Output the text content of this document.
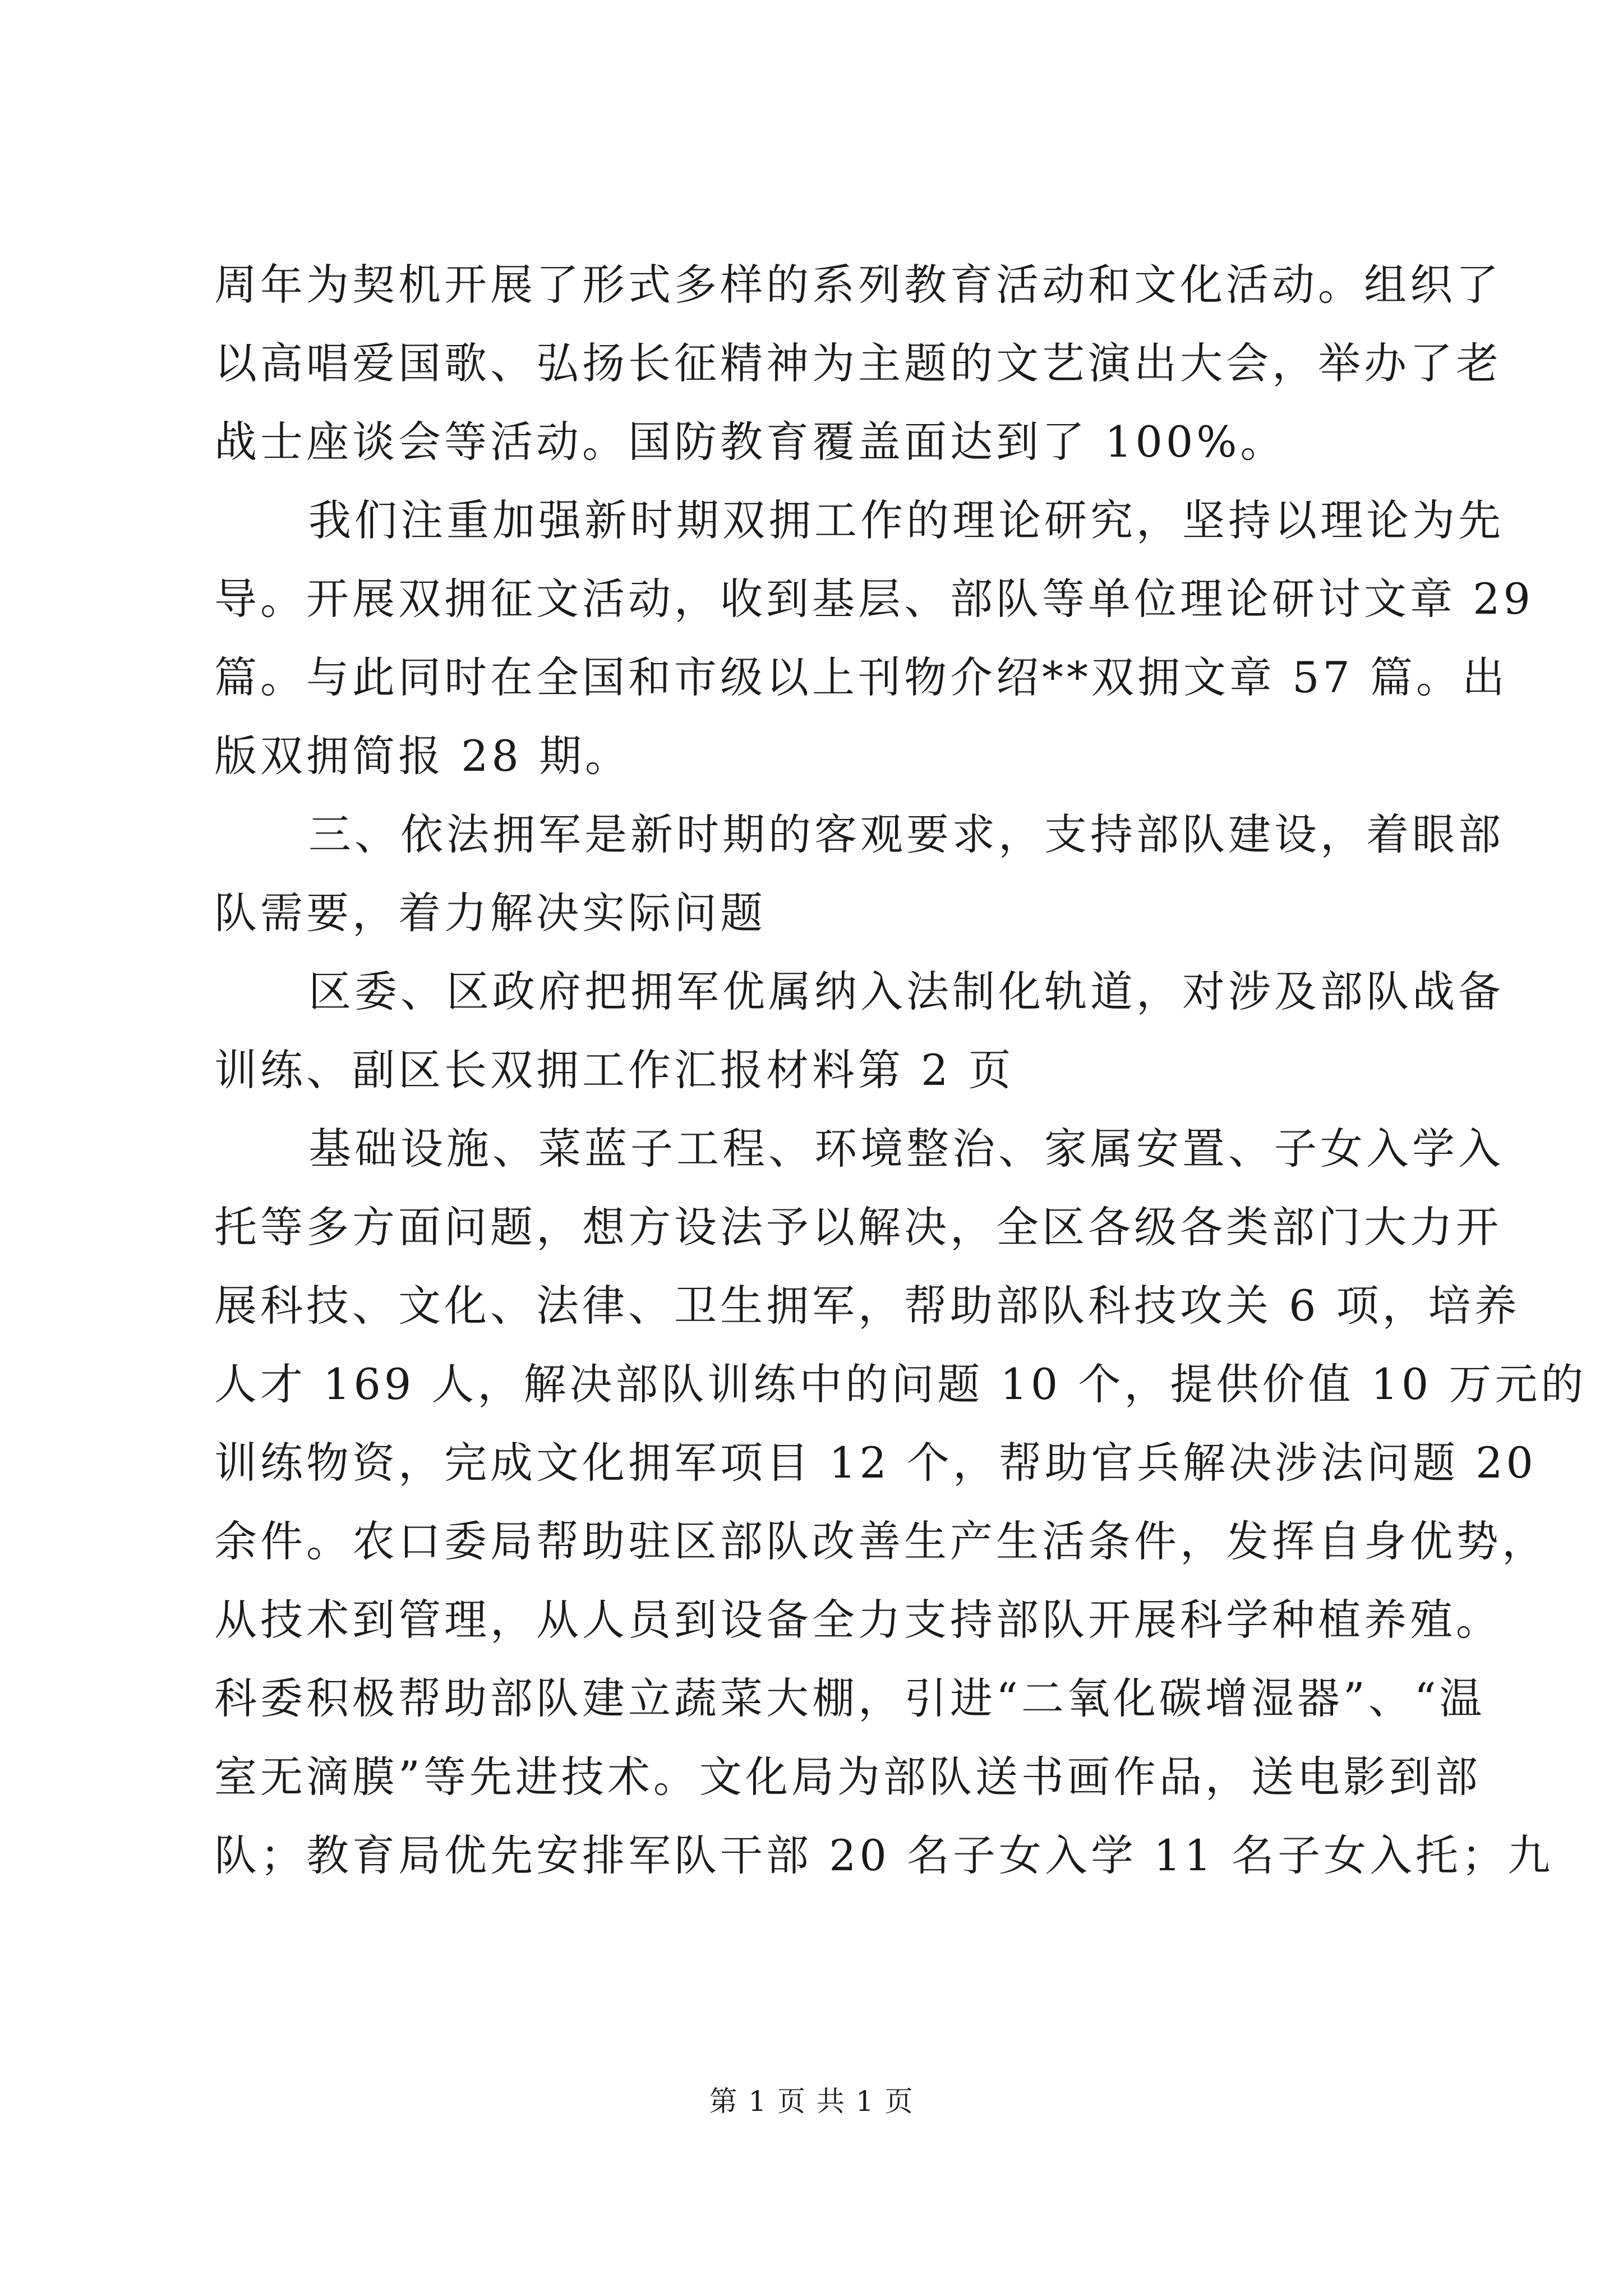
周年为契机开展了形式多样的系列教育活动和文化活动。组织了
以高唱爱国歌、弘扬长征精神为主题的文艺演出大会，举办了老
战士座谈会等活动。国防教育覆盖面达到了 100%。
我们注重加强新时期双拥工作的理论研究，坚持以理论为先
导。开展双拥征文活动，收到基层、部队等单位理论研讨文章 29
篇。与此同时在全国和市级以上刊物介绍**双拥文章 57 篇。出
版双拥简报 28 期。
三、依法拥军是新时期的客观要求，支持部队建设，着眼部
队需要，着力解决实际问题
区委、区政府把拥军优属纳入法制化轨道，对涉及部队战备
训练、副区长双拥工作汇报材料第 2 页
基础设施、菜蓝子工程、环境整治、家属安置、子女入学入
托等多方面问题，想方设法予以解决，全区各级各类部门大力开
展科技、文化、法律、卫生拥军，帮助部队科技攻关 6 项，培养
人才 169 人，解决部队训练中的问题 10 个，提供价值 10 万元的
训练物资，完成文化拥军项目 12 个，帮助官兵解决涉法问题 20
余件。农口委局帮助驻区部队改善生产生活条件，发挥自身优势，
从技术到管理，从人员到设备全力支持部队开展科学种植养殖。
科委积极帮助部队建立蔬菜大棚，引进“二氧化碳增湿器”、“温
室无滴膜”等先进技术。文化局为部队送书画作品，送电影到部
队；教育局优先安排军队干部 20 名子女入学 11 名子女入托；九
第 1 页 共 1 页
